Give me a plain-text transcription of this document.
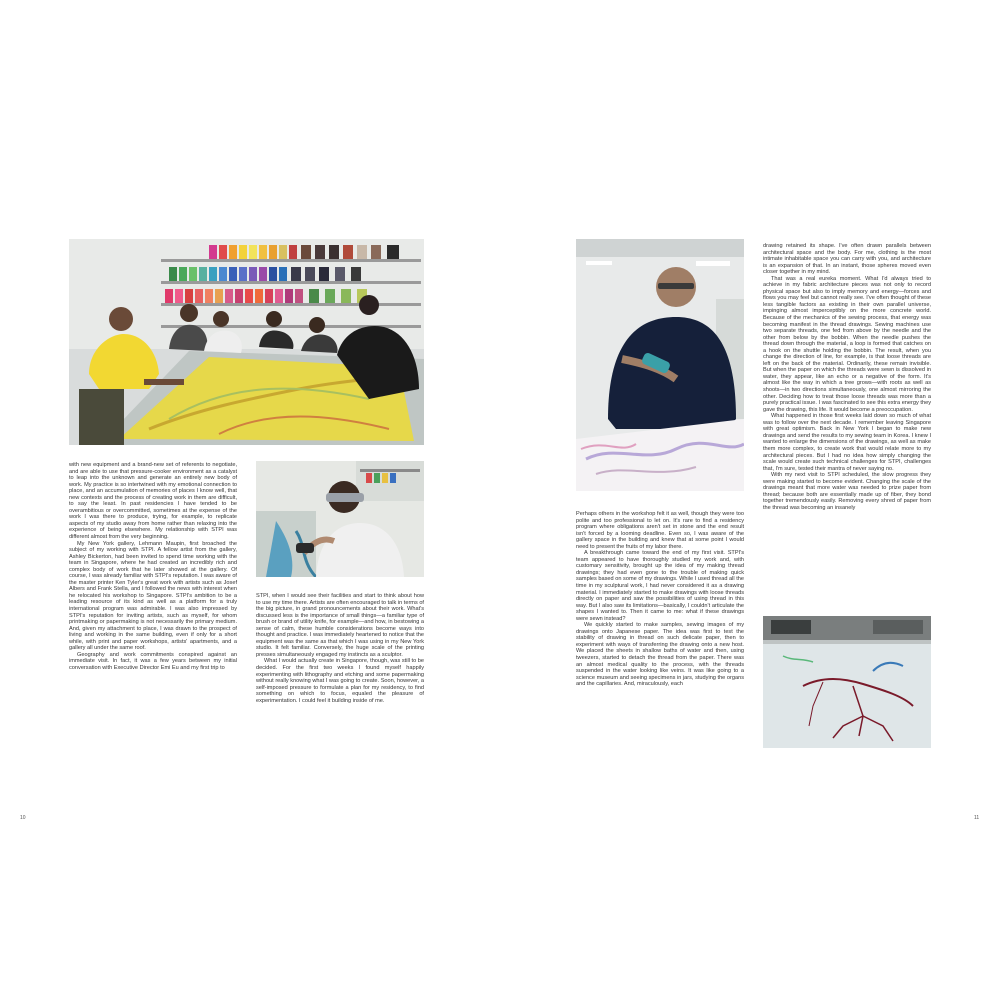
with new equipment and a brand-new set of referents to negotiate, and are able to use that pressure-cooker environment as a catalyst to leap into the unknown and generate an entirely new body of work. My practice is so intertwined with my emotional connection to place, and an accumulation of memories of places I know well, that new contexts and the process of creating work in them are difficult, to say the least. In past residencies I have tended to be overambitious or overcommitted, sometimes at the expense of the work I was there to produce, trying, for example, to replicate aspects of my studio away from home rather than relaxing into the experience of being elsewhere. My relationship with STPI was different almost from the very beginning.

My New York gallery, Lehmann Maupin, first broached the subject of my working with STPI. A fellow artist from the gallery, Ashley Bickerton, had been invited to spend time working with the team in Singapore, where he had created an incredibly rich and complex body of work that he later showed at the gallery. Of course, I was already familiar with STPI's reputation. I was aware of the master printer Ken Tyler's great work with artists such as Josef Albers and Frank Stella, and I followed the news with interest when he relocated his workshop to Singapore. STPI's ambition to be a leading resource of its kind as well as a platform for a truly international program was admirable. I was also impressed by STPI's reputation for inviting artists, such as myself, for whom printmaking or papermaking is not necessarily the primary medium. And, given my attachment to place, I was drawn to the prospect of living and working in the same building, even if only for a short while, with print and paper workshops, artists' apartments, and a gallery all under the same roof.

Geography and work commitments conspired against an immediate visit. In fact, it was a few years between my initial conversation with Executive Director Emi Eu and my first trip to

STPI, when I would see their facilities and start to think about how to use my time there. Artists are often encouraged to talk in terms of the big picture, in grand pronouncements about their work. What's discussed less is the importance of small things—a familiar type of brush or brand of utility knife, for example—and how, in bestowing a sense of calm, these humble considerations become ways into thought and practice. I was immediately heartened to notice that the equipment was the same as that which I was using in my New York studio. It felt familiar. Conversely, the huge scale of the printing presses simultaneously engaged my instincts as a sculptor.

What I would actually create in Singapore, though, was still to be decided. For the first two weeks I found myself happily experimenting with lithography and etching and some papermaking without really knowing what I was going to create. Soon, however, a self-imposed pressure to formulate a plan for my residency, to find something on which to focus, equaled the pleasure of experimentation. I could feel it building inside of me.

10

Perhaps others in the workshop felt it as well, though they were too polite and too professional to let on. It's rare to find a residency program where obligations aren't set in stone and the end result isn't forced by a looming deadline. Even so, I was aware of the gallery space in the building and knew that at some point I would need to present the fruits of my labor there.

A breakthrough came toward the end of my first visit. STPI's team appeared to have thoroughly studied my work and, with customary sensitivity, brought up the idea of my making thread drawings; they had even gone to the trouble of making quick samples based on some of my drawings. While I used thread all the time in my sculptural work, I had never considered it as a drawing material. I immediately started to make drawings with loose threads directly on paper and saw the possibilities of using thread in this way. But I also saw its limitations—basically, I couldn't articulate the shapes I wanted to. Then it came to me: what if these drawings were sewn instead?

We quickly started to make samples, sewing images of my drawings onto Japanese paper. The idea was first to test the stability of drawing in thread on such delicate paper, then to experiment with ways of transferring the drawing onto a new host. We placed the sheets in shallow baths of water and then, using tweezers, started to detach the thread from the paper. There was an almost medical quality to the process, with the threads suspended in the water looking like veins. It was like going to a science museum and seeing specimens in jars, studying the organs and the capillaries. And, miraculously, each

drawing retained its shape. I've often drawn parallels between architectural space and the body. For me, clothing is the most intimate inhabitable space you can carry with you, and architecture is an expansion of that. In an instant, those spheres moved even closer together in my mind.

That was a real eureka moment. What I'd always tried to achieve in my fabric architecture pieces was not only to record physical space but also to imply memory and energy—forces and flows you may feel but cannot really see. I've often thought of these less tangible factors as existing in their own parallel universe, impinging almost imperceptibly on the more concrete world. Because of the mechanics of the sewing process, that energy was becoming manifest in the thread drawings. Sewing machines use two separate threads, one fed from above by the needle and the other from below by the bobbin. When the needle pushes the thread down through the material, a loop is formed that catches on a hook on the shuttle holding the bobbin. The result, when you change the direction of line, for example, is that loose threads are left on the back of the material. Ordinarily, these remain invisible. But when the paper on which the threads were sewn is dissolved in water, they appear, like an echo or a negative of the form. It's almost like the way in which a tree grows—with roots as well as shoots—in two directions simultaneously, one almost mirroring the other. Deciding how to treat those loose threads was more than a purely practical issue. I was fascinated to see this extra energy they gave the drawing, this life. It would become a preoccupation.

What happened in those first weeks laid down so much of what was to follow over the next decade. I remember leaving Singapore with great optimism. Back in New York I began to make new drawings and send the results to my sewing team in Korea. I knew I wanted to enlarge the dimensions of the drawings, as well as make them more complex, to create work that would relate more to my architectural pieces. But I had no idea how simply changing the scale would create such technical challenges for STPI, challenges that, I'm sure, tested their mantra of never saying no.

With my next visit to STPI scheduled, the slow progress they were making started to become evident. Changing the scale of the drawings meant that more water was needed to prize paper from thread; because both are essentially made up of fiber, they bond together tremendously easily. Removing every shred of paper from the thread was becoming an insanely

11
